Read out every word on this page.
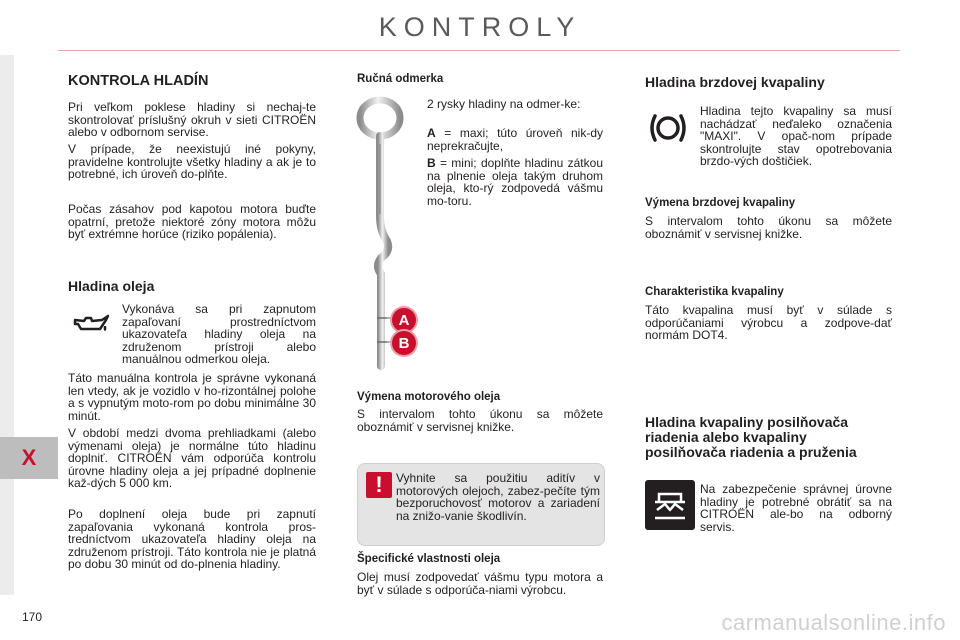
KONTROLY
X
170	carmanualsonline.info
KONTROLA HLADÍN
Pri veľkom poklese hladiny si nechaj-te skontrolovať príslušný okruh v sieti CITROËN alebo v odbornom servise.
V prípade, že neexistujú iné pokyny, pravidelne kontrolujte všetky hladiny a ak je to potrebné, ich úroveň do-plňte.
Počas zásahov pod kapotou motora buďte opatrní, pretože niektoré zóny motora môžu byť extrémne horúce (riziko popálenia).
Hladina oleja
Vykonáva sa pri zapnutom zapaľovaní prostredníctvom ukazovateľa hladiny oleja na združenom prístroji alebo manuálnou odmerkou oleja.
Táto manuálna kontrola je správne vykonaná len vtedy, ak je vozidlo v ho-rizontálnej polohe a s vypnutým moto-rom po dobu minimálne 30 minút.
V období medzi dvoma prehliadkami (alebo výmenami oleja) je normálne túto hladinu doplniť. CITROËN vám odporúča kontrolu úrovne hladiny oleja a jej prípadné doplnenie kaž-dých 5 000 km.
Po doplnení oleja bude pri zapnutí zapaľovania vykonaná kontrola pros-tredníctvom ukazovateľa hladiny oleja na združenom prístroji. Táto kontrola nie je platná po dobu 30 minút od do-plnenia hladiny.
Ručná odmerka
A
B
2 rysky hladiny na odmer-ke:
A = maxi; túto úroveň nik-dy neprekračujte,
B = mini; doplňte hladinu zátkou na plnenie oleja takým druhom oleja, kto-rý zodpovedá vášmu mo-toru.
Výmena motorového oleja
S intervalom tohto úkonu sa môžete oboznámiť v servisnej knižke.
!	Vyhnite sa použitiu aditív v motorových olejoch, zabez-pečíte tým bezporuchovosť motorov a zariadení na znižo-vanie škodlivín.
Špecifické vlastnosti oleja
Olej musí zodpovedať vášmu typu motora a byť v súlade s odporúča-niami výrobcu.
Hladina brzdovej kvapaliny
Hladina tejto kvapaliny sa musí nachádzať neďaleko označenia "MAXI". V opač-nom prípade skontrolujte stav opotrebovania brzdo-vých doštičiek.
Výmena brzdovej kvapaliny
S intervalom tohto úkonu sa môžete oboznámiť v servisnej knižke.
Charakteristika kvapaliny
Táto kvapalina musí byť v súlade s odporúčaniami výrobcu a zodpove-dať normám DOT4.
Hladina kvapaliny posilňovača riadenia alebo kvapaliny posilňovača riadenia a pruženia
Na zabezpečenie správnej úrovne hladiny je potrebné obrátiť sa na CITROËN ale-bo na odborný servis.
